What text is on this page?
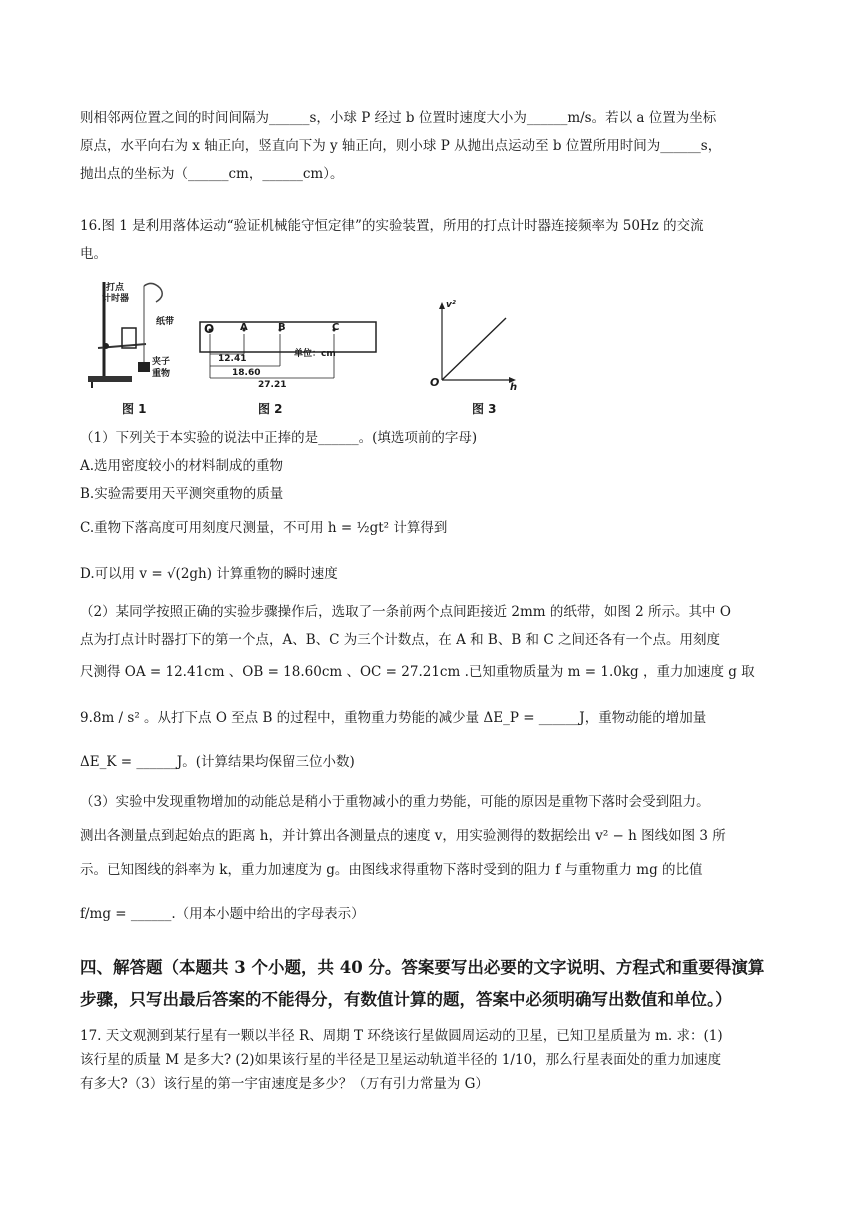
则相邻两位置之间的时间间隔为______s，小球 P 经过 b 位置时速度大小为______m/s。若以 a 位置为坐标
原点，水平向右为 x 轴正向，竖直向下为 y 轴正向，则小球 P 从抛出点运动至 b 位置所用时间为______s，
抛出点的坐标为（______cm，______cm）。
16.图 1 是利用落体运动“验证机械能守恒定律”的实验装置，所用的打点计时器连接频率为 50Hz 的交流
电。
打点
计时器
纸带
夹子
重物
图 1
O	A	B	C
单位：cm
12.41
18.60
27.21
图 2
v²
h
O
图 3
（1）下列关于本实验的说法中正捧的是______。(填选项前的字母)
A.选用密度较小的材料制成的重物
B.实验需要用天平测突重物的质量
C.重物下落高度可用刻度尺测量，不可用 h = ½gt² 计算得到
D.可以用 v = √(2gh) 计算重物的瞬时速度
（2）某同学按照正确的实验步骤操作后，选取了一条前两个点间距接近 2mm 的纸带，如图 2 所示。其中 O
点为打点计时器打下的第一个点，A、B、C 为三个计数点，在 A 和 B、B 和 C 之间还各有一个点。用刻度
尺测得 OA = 12.41cm 、OB = 18.60cm 、OC = 27.21cm .已知重物质量为 m = 1.0kg ，重力加速度 g 取
9.8m / s² 。从打下点 O 至点 B 的过程中，重物重力势能的减少量 ΔE_P = ______J，重物动能的增加量
ΔE_K = ______J。(计算结果均保留三位小数)
（3）实验中发现重物增加的动能总是稍小于重物减小的重力势能，可能的原因是重物下落时会受到阻力。
测出各测量点到起始点的距离 h，并计算出各测量点的速度 v，用实验测得的数据绘出 v² − h 图线如图 3 所
示。已知图线的斜率为 k，重力加速度为 g。由图线求得重物下落时受到的阻力 f 与重物重力 mg 的比值
f/mg = ______.（用本小题中给出的字母表示）
四、解答题（本题共 3 个小题，共 40 分。答案要写出必要的文字说明、方程式和重要得演算
步骤，只写出最后答案的不能得分，有数值计算的题，答案中必须明确写出数值和单位。）
17. 天文观测到某行星有一颗以半径 R、周期 T 环绕该行星做圆周运动的卫星，已知卫星质量为 m. 求：(1)
该行星的质量 M 是多大? (2)如果该行星的半径是卫星运动轨道半径的 1/10，那么行星表面处的重力加速度
有多大?（3）该行星的第一宇宙速度是多少？（万有引力常量为 G）
